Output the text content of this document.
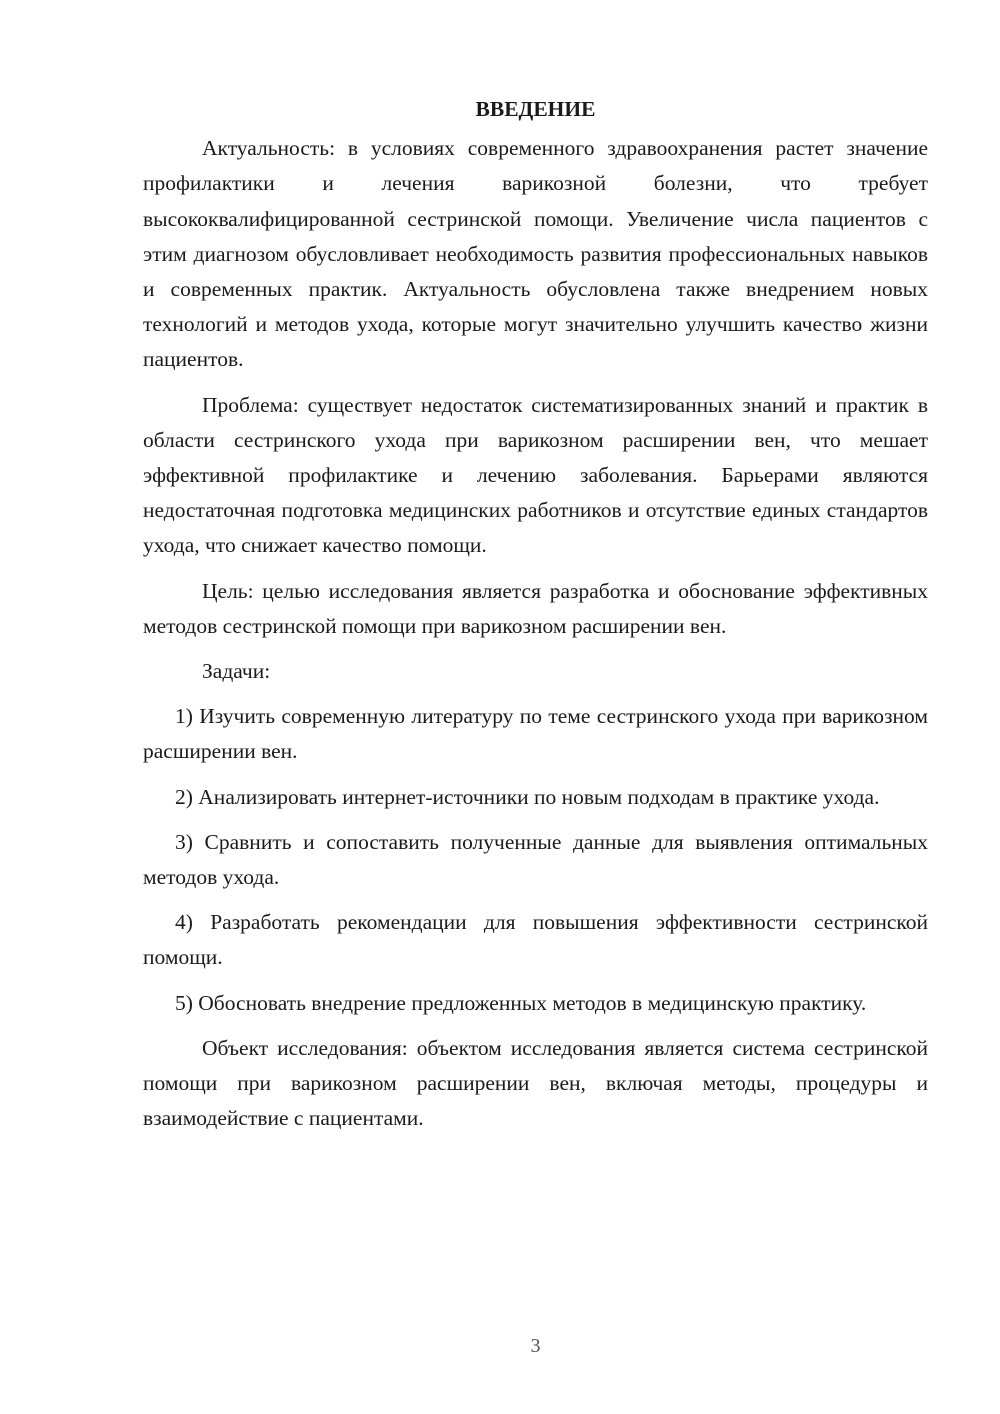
ВВЕДЕНИЕ

Актуальность: в условиях современного здравоохранения растет значение профилактики и лечения варикозной болезни, что требует высококвалифицированной сестринской помощи. Увеличение числа пациентов с этим диагнозом обусловливает необходимость развития профессиональных навыков и современных практик. Актуальность обусловлена также внедрением новых технологий и методов ухода, которые могут значительно улучшить качество жизни пациентов.

Проблема: существует недостаток систематизированных знаний и практик в области сестринского ухода при варикозном расширении вен, что мешает эффективной профилактике и лечению заболевания. Барьерами являются недостаточная подготовка медицинских работников и отсутствие единых стандартов ухода, что снижает качество помощи.

Цель: целью исследования является разработка и обоснование эффективных методов сестринской помощи при варикозном расширении вен.

Задачи:

1) Изучить современную литературу по теме сестринского ухода при варикозном расширении вен.

2) Анализировать интернет-источники по новым подходам в практике ухода.

3) Сравнить и сопоставить полученные данные для выявления оптимальных методов ухода.

4) Разработать рекомендации для повышения эффективности сестринской помощи.

5) Обосновать внедрение предложенных методов в медицинскую практику.

Объект исследования: объектом исследования является система сестринской помощи при варикозном расширении вен, включая методы, процедуры и взаимодействие с пациентами.

3
